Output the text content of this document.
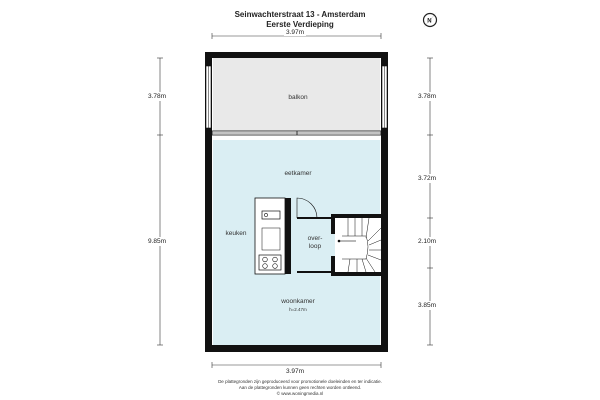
Seinwachterstraat 13 - Amsterdam
Eerste Verdieping	N
3.97m
3.97m
3.78m
9.85m
3.78m
3.72m
2.10m
3.85m
balkon
eetkamer
keuken
over-
loop
woonkamer
h=2.47m
De plattegronden zijn geproduceerd voor promotionele doeleinden en ter indicatie.
Aan de plattegronden kunnen geen rechten worden ontleend.
© www.woningmedia.nl
